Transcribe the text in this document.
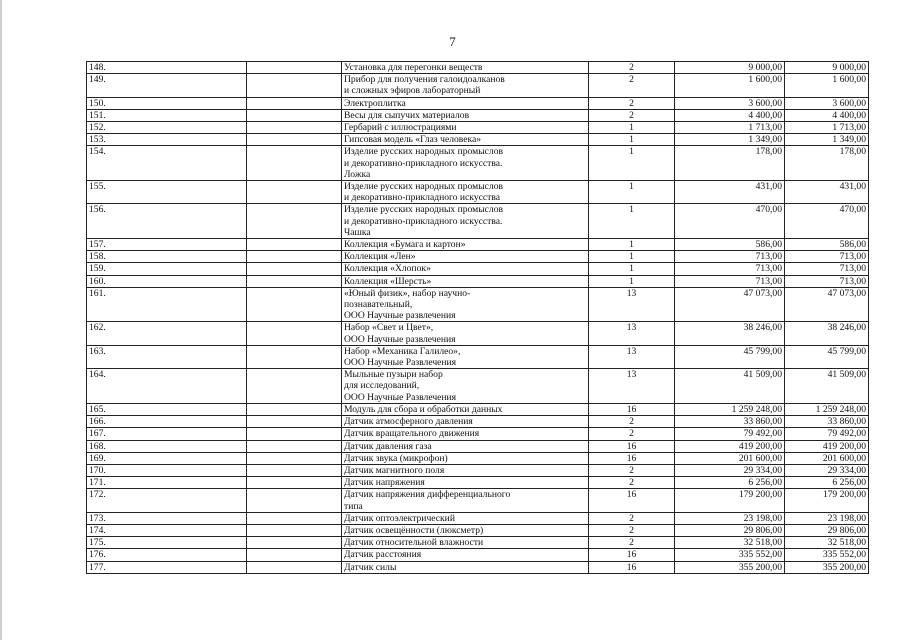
7
148.		Установка для перегонки веществ	2	9 000,00	9 000,00
149.		Прибор для получения галоидоалканов
и сложных эфиров лабораторный	2	1 600,00	1 600,00
150.		Электроплитка	2	3 600,00	3 600,00
151.		Весы для сыпучих материалов	2	4 400,00	4 400,00
152.		Гербарий с иллюстрациями	1	1 713,00	1 713,00
153.		Гипсовая модель «Глаз человека»	1	1 349,00	1 349,00
154.		Изделие русских народных промыслов
и декоративно-прикладного искусства.
Ложка	1	178,00	178,00
155.		Изделие русских народных промыслов
и декоративно-прикладного искусства	1	431,00	431,00
156.		Изделие русских народных промыслов
и декоративно-прикладного искусства.
Чашка	1	470,00	470,00
157.		Коллекция «Бумага и картон»	1	586,00	586,00
158.		Коллекция «Лен»	1	713,00	713,00
159.		Коллекция «Хлопок»	1	713,00	713,00
160.		Коллекция «Шерсть»	1	713,00	713,00
161.		«Юный физик», набор научно-
познавательный,
ООО Научные развлечения	13	47 073,00	47 073,00
162.		Набор «Свет и Цвет»,
ООО Научные развлечения	13	38 246,00	38 246,00
163.		Набор «Механика Галилео»,
ООО Научные Развлечения	13	45 799,00	45 799,00
164.		Мыльные пузыри набор
для исследований,
ООО Научные Развлечения	13	41 509,00	41 509,00
165.		Модуль для сбора и обработки данных	16	1 259 248,00	1 259 248,00
166.		Датчик атмосферного давления	2	33 860,00	33 860,00
167.		Датчик вращательного движения	2	79 492,00	79 492,00
168.		Датчик давления газа	16	419 200,00	419 200,00
169.		Датчик звука (микрофон)	16	201 600,00	201 600,00
170.		Датчик магнитного поля	2	29 334,00	29 334,00
171.		Датчик напряжения	2	6 256,00	6 256,00
172.		Датчик напряжения дифференциального
типа	16	179 200,00	179 200,00
173.		Датчик оптоэлектрический	2	23 198,00	23 198,00
174.		Датчик освещённости (люксметр)	2	29 806,00	29 806,00
175.		Датчик относительной влажности	2	32 518,00	32 518,00
176.		Датчик расстояния	16	335 552,00	335 552,00
177.		Датчик силы	16	355 200,00	355 200,00
